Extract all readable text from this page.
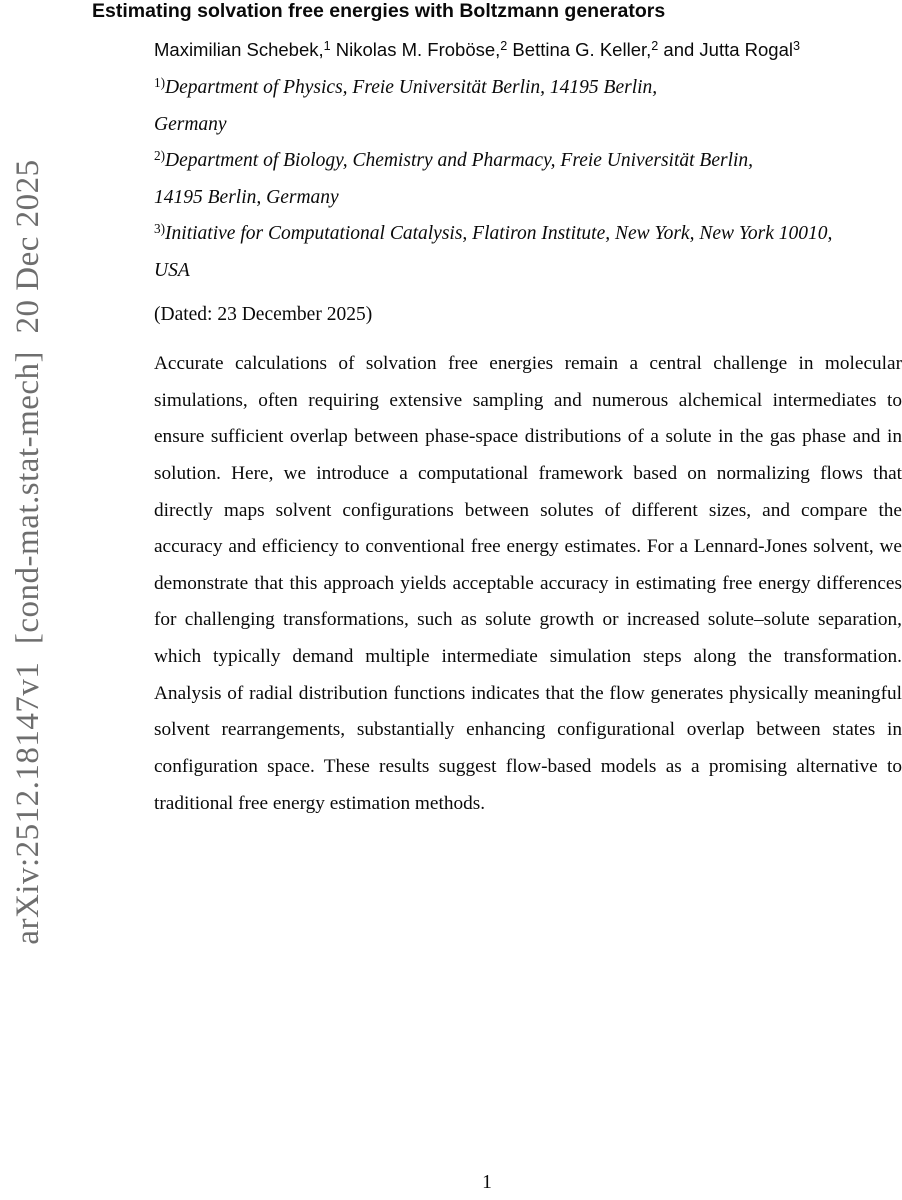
arXiv:2512.18147v1  [cond-mat.stat-mech]  20 Dec 2025
Estimating solvation free energies with Boltzmann generators
Maximilian Schebek,$^1$ Nikolas M. Froböse,$^2$ Bettina G. Keller,$^2$ and Jutta Rogal$^3$
$^{1)}$Department of Physics, Freie Universität Berlin, 14195 Berlin,
Germany
$^{2)}$Department of Biology, Chemistry and Pharmacy, Freie Universität Berlin,
14195 Berlin, Germany
$^{3)}$Initiative for Computational Catalysis, Flatiron Institute, New York, New York 10010,
USA
(Dated: 23 December 2025)

Accurate calculations of solvation free energies remain a central challenge in molecular simulations, often requiring extensive sampling and numerous alchemical intermediates to ensure sufficient overlap between phase-space distributions of a solute in the gas phase and in solution. Here, we introduce a computational framework based on normalizing flows that directly maps solvent configurations between solutes of different sizes, and compare the accuracy and efficiency to conventional free energy estimates. For a Lennard-Jones solvent, we demonstrate that this approach yields acceptable accuracy in estimating free energy differences for challenging transformations, such as solute growth or increased solute–solute separation, which typically demand multiple intermediate simulation steps along the transformation. Analysis of radial distribution functions indicates that the flow generates physically meaningful solvent rearrangements, substantially enhancing configurational overlap between states in configuration space. These results suggest flow-based models as a promising alternative to traditional free energy estimation methods.

1
